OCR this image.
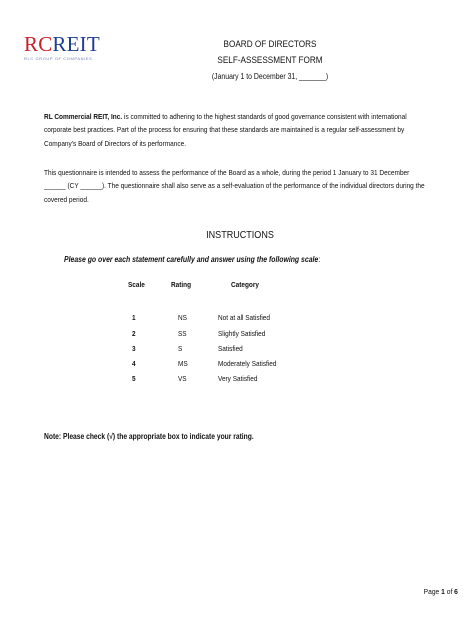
RCREIT
RLC GROUP OF COMPANIES
BOARD OF DIRECTORS
SELF-ASSESSMENT FORM
(January 1 to December 31, _______)
RL Commercial REIT, Inc. is committed to adhering to the highest standards of good governance consistent with international corporate best practices. Part of the process for ensuring that these standards are maintained is a regular self-assessment by Company's Board of Directors of its performance.
This questionnaire is intended to assess the performance of the Board as a whole, during the period 1 January to 31 December ______ (CY ______). The questionnaire shall also serve as a self-evaluation of the performance of the individual directors during the covered period.
INSTRUCTIONS
Please go over each statement carefully and answer using the following scale:
Scale	Rating	Category
1	NS	Not at all Satisfied
2	SS	Slightly Satisfied
3	S	Satisfied
4	MS	Moderately Satisfied
5	VS	Very Satisfied
Note: Please check (√) the appropriate box to indicate your rating.
Page 1 of 6
